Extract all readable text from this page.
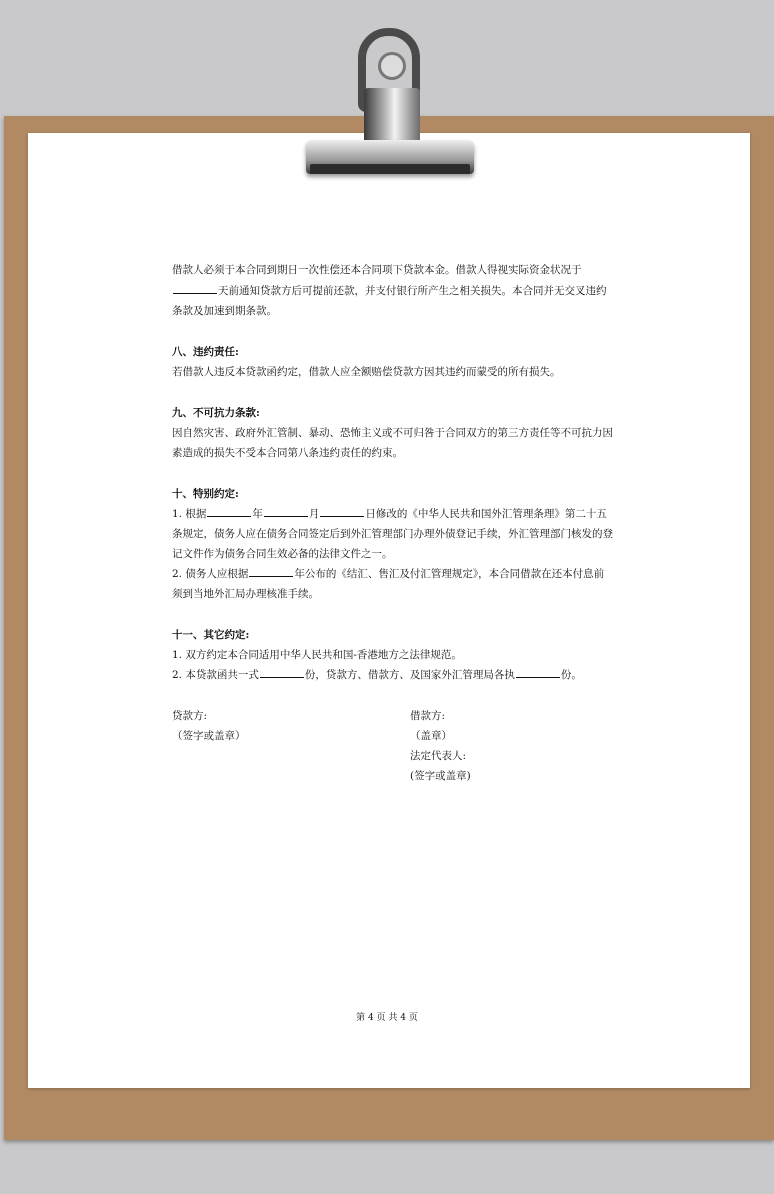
借款人必须于本合同到期日一次性偿还本合同项下贷款本金。借款人得视实际资金状况于
天前通知贷款方后可提前还款，并支付银行所产生之相关损失。本合同并无交叉违约
条款及加速到期条款。
八、违约责任:
若借款人违反本贷款函约定，借款人应全额赔偿贷款方因其违约而蒙受的所有损失。
九、不可抗力条款:
因自然灾害、政府外汇管制、暴动、恐怖主义或不可归咎于合同双方的第三方责任等不可抗力因
素造成的损失不受本合同第八条违约责任的约束。
十、特别约定:
1. 根据	年	月	日修改的《中华人民共和国外汇管理条理》第二十五
条规定，债务人应在债务合同签定后到外汇管理部门办理外债登记手续，外汇管理部门核发的登
记文件作为债务合同生效必备的法律文件之一。
2. 债务人应根据	年公布的《结汇、售汇及付汇管理规定》，本合同借款在还本付息前
须到当地外汇局办理核准手续。
十一、其它约定:
1. 双方约定本合同适用中华人民共和国-香港地方之法律规范。
2. 本贷款函共一式	份，贷款方、借款方、及国家外汇管理局各执	份。
贷款方:
（签字或盖章）
借款方:
（盖章）
法定代表人:
(签字或盖章)
第 4 页 共 4 页
